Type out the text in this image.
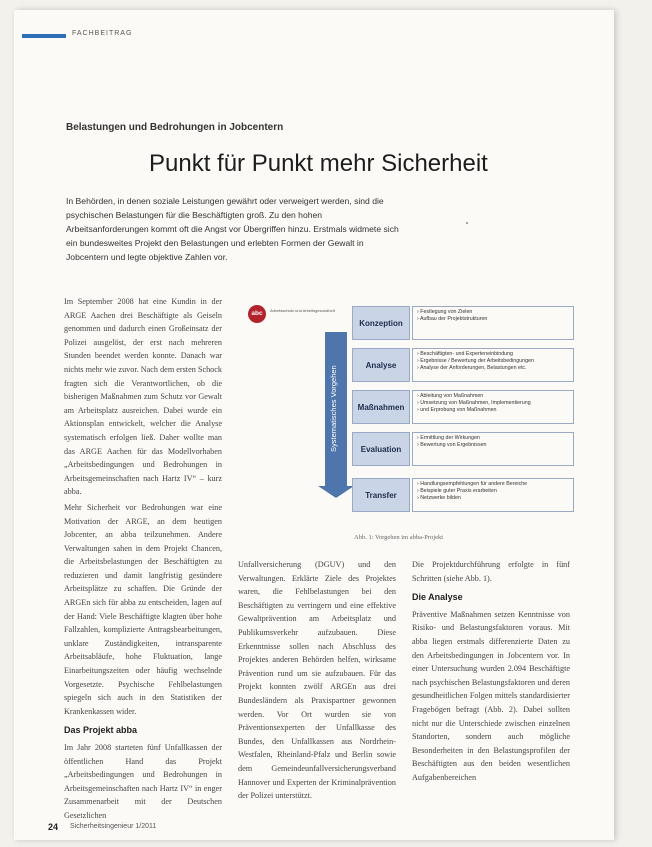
FACHBEITRAG
Belastungen und Bedrohungen in Jobcentern
Punkt für Punkt mehr Sicherheit
In Behörden, in denen soziale Leistungen gewährt oder verweigert werden, sind die psychischen Belastungen für die Beschäftigten groß. Zu den hohen Arbeitsanforderungen kommt oft die Angst vor Übergriffen hinzu. Erstmals widmete sich ein bundesweites Projekt den Belastungen und erlebten Formen der Gewalt in Jobcentern und legte objektive Zahlen vor.

Im September 2008 hat eine Kundin in der ARGE Aachen drei Beschäftigte als Geiseln genommen und dadurch einen Großeinsatz der Polizei ausgelöst, der erst nach mehreren Stunden beendet werden konnte. Danach war nichts mehr wie zuvor. Nach dem ersten Schock fragten sich die Verantwortlichen, ob die bisherigen Maßnahmen zum Schutz vor Gewalt am Arbeitsplatz ausreichen. Dabei wurde ein Aktionsplan entwickelt, welcher die Analyse systematisch erfolgen ließ. Daher wollte man das ARGE Aachen für das Modellvorhaben „Arbeitsbedingungen und Bedrohungen in Arbeitsgemeinschaften nach Hartz IV“ – kurz abba.

Mehr Sicherheit vor Bedrohungen war eine Motivation der ARGE, an dem heutigen Jobcenter, an abba teilzunehmen. Andere Verwaltungen sahen in dem Projekt Chancen, die Arbeitsbelastungen der Beschäftigten zu reduzieren und damit langfristig gesündere Arbeitsplätze zu schaffen. Die Gründe der ARGEn sich für abba zu entscheiden, lagen auf der Hand: Viele Beschäftigte klagten über hohe Fallzahlen, komplizierte Antragsbearbeitungen, unklare Zuständigkeiten, intransparente Arbeitsabläufe, hohe Fluktuation, lange Einarbeitungszeiten oder häufig wechselnde Vorgesetzte. Psychische Fehlbelastungen spiegeln sich auch in den Statistiken der Krankenkassen wider.

Das Projekt abba

Im Jahr 2008 starteten fünf Unfallkassen der öffentlichen Hand das Projekt „Arbeitsbedingungen und Bedrohungen in Arbeitsgemeinschaften nach Hartz IV“ in enger Zusammenarbeit mit der Deutschen Gesetzlichen

abc	Arbeitsschutz und Arbeitsgesundheit
Systematisches Vorgehen
Konzeption
› Festlegung von Zielen
› Aufbau der Projektstrukturen
Analyse
› Beschäftigten- und Experteneinbindung
› Ergebnisse / Bewertung der Arbeitsbedingungen
› Analyse der Anforderungen, Belastungen etc.
Maßnahmen
› Ableitung von Maßnahmen
› Umsetzung von Maßnahmen, Implementierung
› und Erprobung von Maßnahmen
Evaluation
› Ermittlung der Wirkungen
› Bewertung von Ergebnissen
Transfer
› Handlungsempfehlungen für andere Bereiche
› Beispiele guter Praxis erarbeiten
› Netzwerke bilden
Abb. 1: Vorgehen im abba-Projekt

Unfallversicherung (DGUV) und den Verwaltungen. Erklärte Ziele des Projektes waren, die Fehlbelastungen bei den Beschäftigten zu verringern und eine effektive Gewaltprävention am Arbeitsplatz und Publikumsverkehr aufzubauen. Diese Erkenntnisse sollen nach Abschluss des Projektes anderen Behörden helfen, wirksame Prävention rund um sie aufzubauen. Für das Projekt konnten zwölf ARGEn aus drei Bundesländern als Praxispartner gewonnen werden. Vor Ort wurden sie von Präventionsexperten der Unfallkasse des Bundes, den Unfallkassen aus Nordrhein-Westfalen, Rheinland-Pfalz und Berlin sowie dem Gemeindeunfallversicherungsverband Hannover und Experten der Kriminalprävention der Polizei unterstützt.

Die Projektdurchführung erfolgte in fünf Schritten (siehe Abb. 1).

Die Analyse

Präventive Maßnahmen setzen Kenntnisse von Risiko- und Belastungsfaktoren voraus. Mit abba liegen erstmals differenzierte Daten zu den Arbeitsbedingungen in Jobcentern vor. In einer Untersuchung wurden 2.094 Beschäftigte nach psychischen Belastungsfaktoren und deren gesundheitlichen Folgen mittels standardisierter Fragebögen befragt (Abb. 2). Dabei sollten nicht nur die Unterschiede zwischen einzelnen Standorten, sondern auch mögliche Besonderheiten in den Belastungsprofilen der Beschäftigten aus den beiden wesentlichen Aufgabenbereichen

24 Sicherheitsingenieur 1/2011
